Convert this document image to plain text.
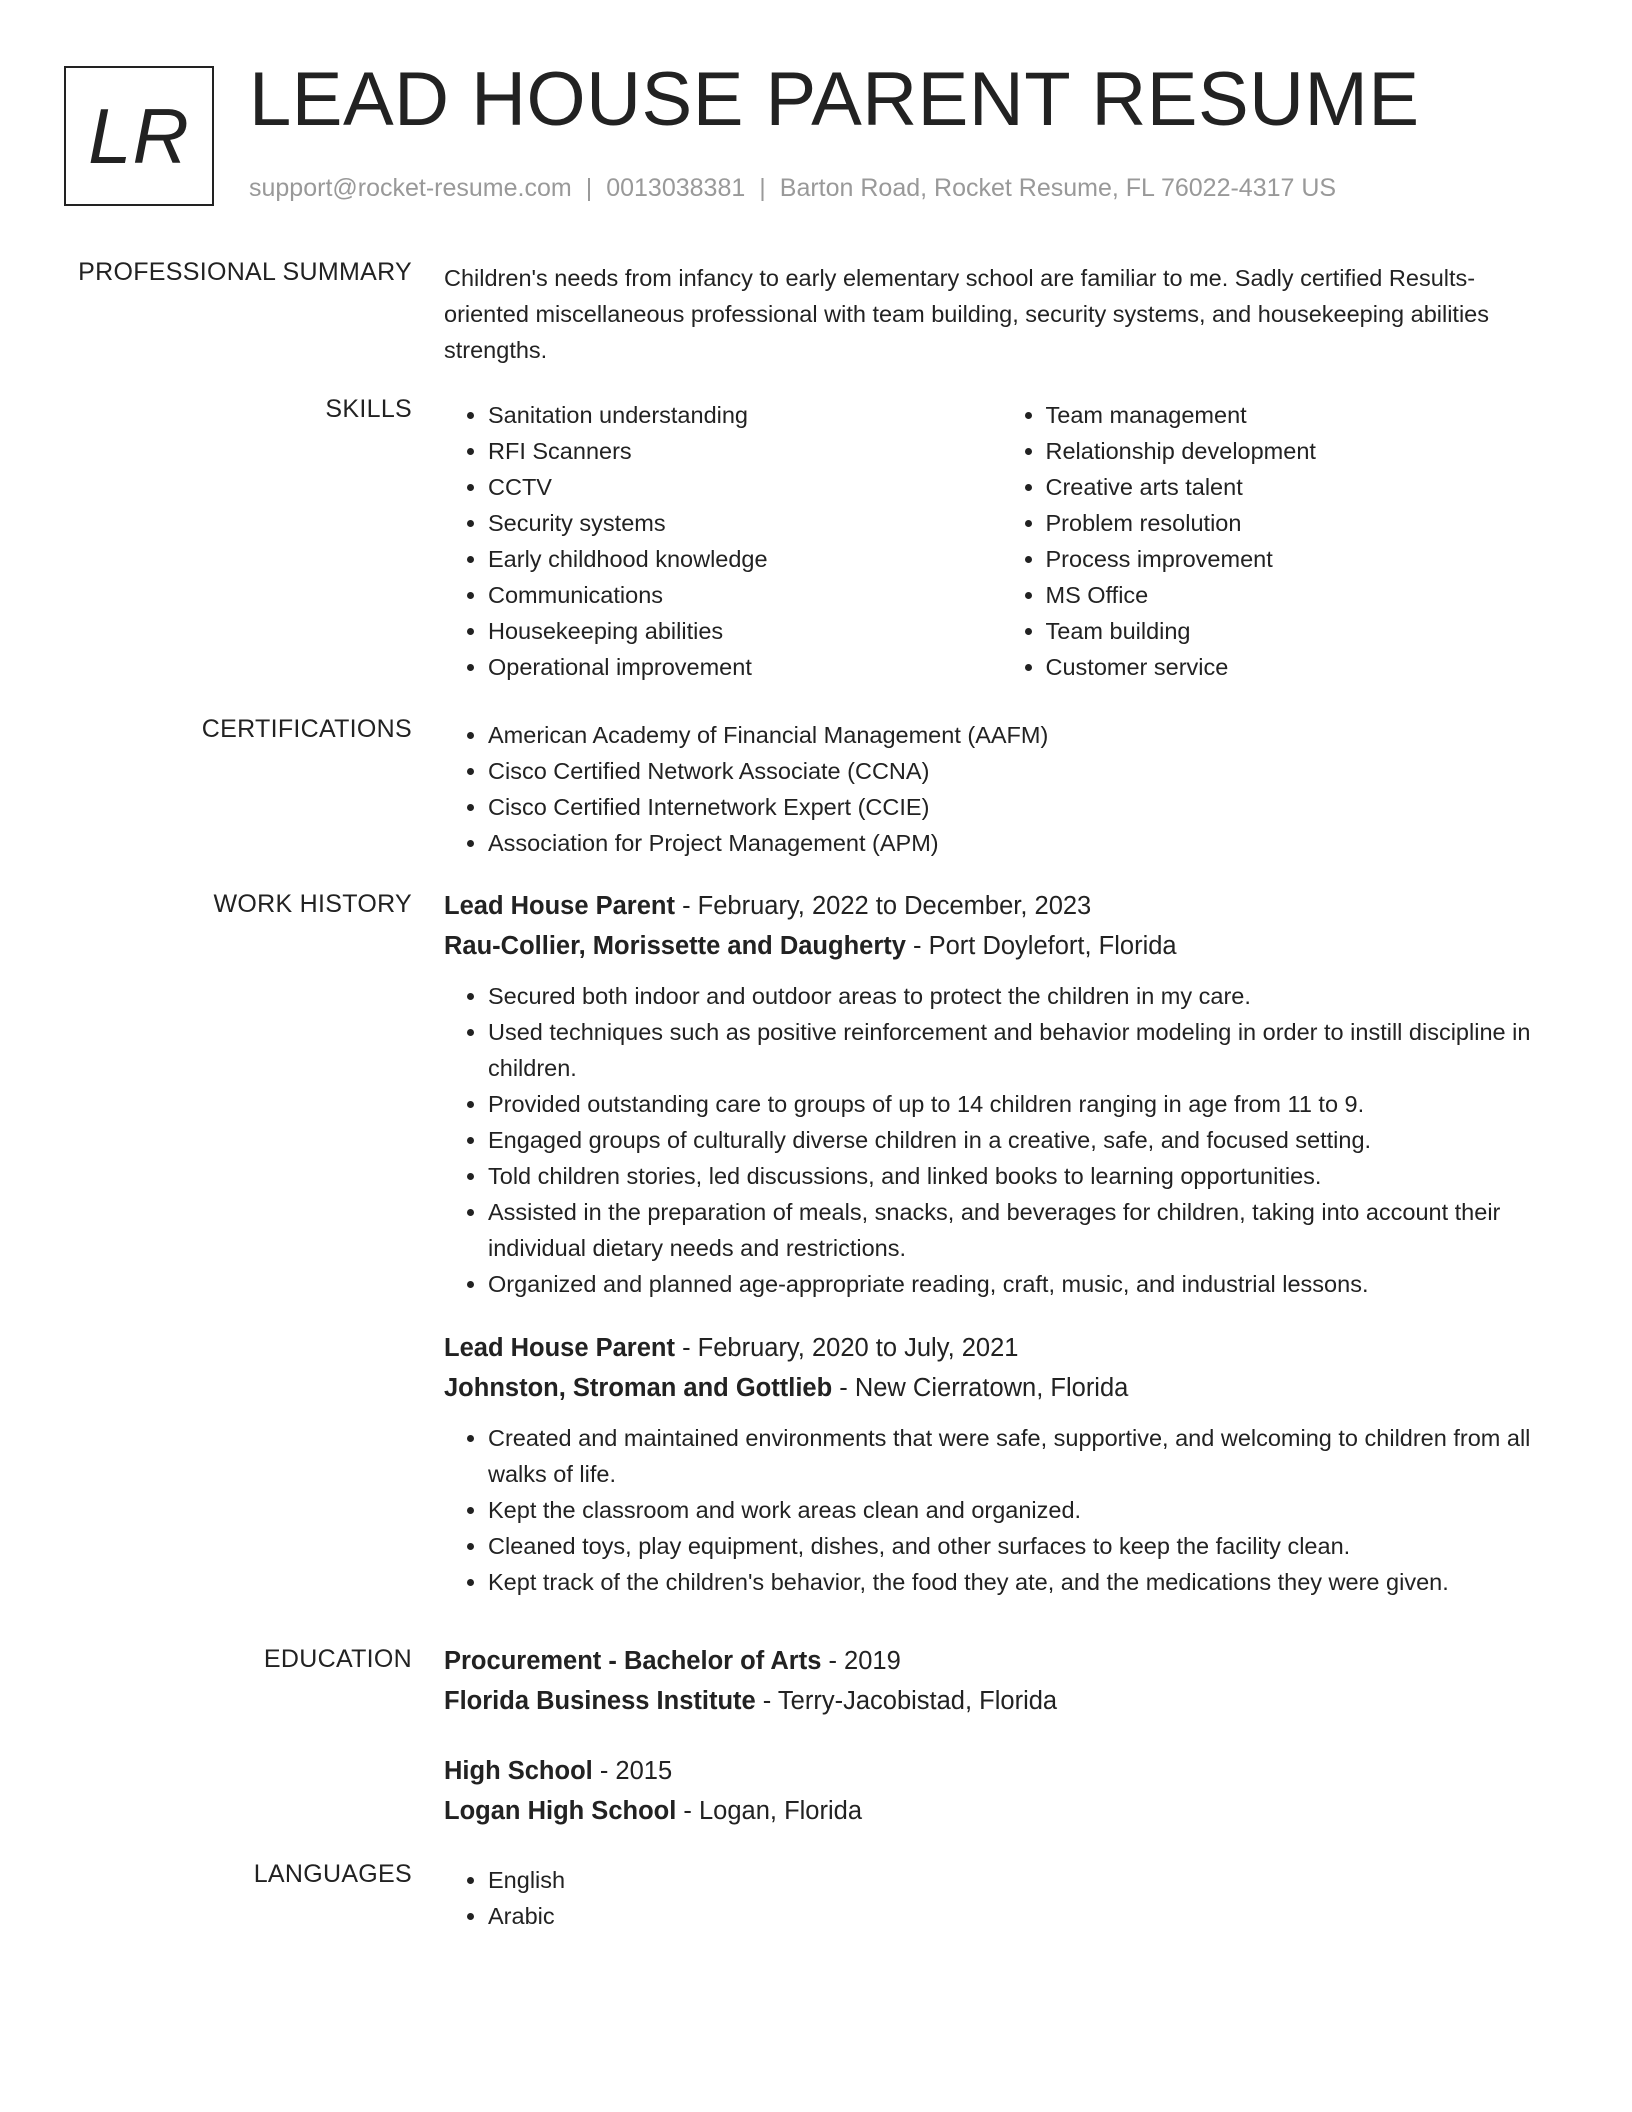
LR LEAD HOUSE PARENT RESUME
support@rocket-resume.com | 0013038381 | Barton Road, Rocket Resume, FL 76022-4317 US
PROFESSIONAL SUMMARY Children's needs from infancy to early elementary school are familiar to me. Sadly certified Results-oriented miscellaneous professional with team building, security systems, and housekeeping abilities strengths.
SKILLS	• Sanitation understanding
• RFI Scanners
• CCTV
• Security systems
• Early childhood knowledge
• Communications
• Housekeeping abilities
• Operational improvement
• Team management
• Relationship development
• Creative arts talent
• Problem resolution
• Process improvement
• MS Office
• Team building
• Customer service
CERTIFICATIONS	• American Academy of Financial Management (AAFM)
• Cisco Certified Network Associate (CCNA)
• Cisco Certified Internetwork Expert (CCIE)
• Association for Project Management (APM)
WORK HISTORY Lead House Parent - February, 2022 to December, 2023
Rau-Collier, Morissette and Daugherty - Port Doylefort, Florida
• Secured both indoor and outdoor areas to protect the children in my care.
• Used techniques such as positive reinforcement and behavior modeling in order to instill discipline in children.
• Provided outstanding care to groups of up to 14 children ranging in age from 11 to 9.
• Engaged groups of culturally diverse children in a creative, safe, and focused setting.
• Told children stories, led discussions, and linked books to learning opportunities.
• Assisted in the preparation of meals, snacks, and beverages for children, taking into account their individual dietary needs and restrictions.
• Organized and planned age-appropriate reading, craft, music, and industrial lessons.
Lead House Parent - February, 2020 to July, 2021
Johnston, Stroman and Gottlieb - New Cierratown, Florida
• Created and maintained environments that were safe, supportive, and welcoming to children from all walks of life.
• Kept the classroom and work areas clean and organized.
• Cleaned toys, play equipment, dishes, and other surfaces to keep the facility clean.
• Kept track of the children's behavior, the food they ate, and the medications they were given.
EDUCATION Procurement - Bachelor of Arts - 2019
Florida Business Institute - Terry-Jacobistad, Florida
High School - 2015
Logan High School - Logan, Florida
LANGUAGES	• English
• Arabic
